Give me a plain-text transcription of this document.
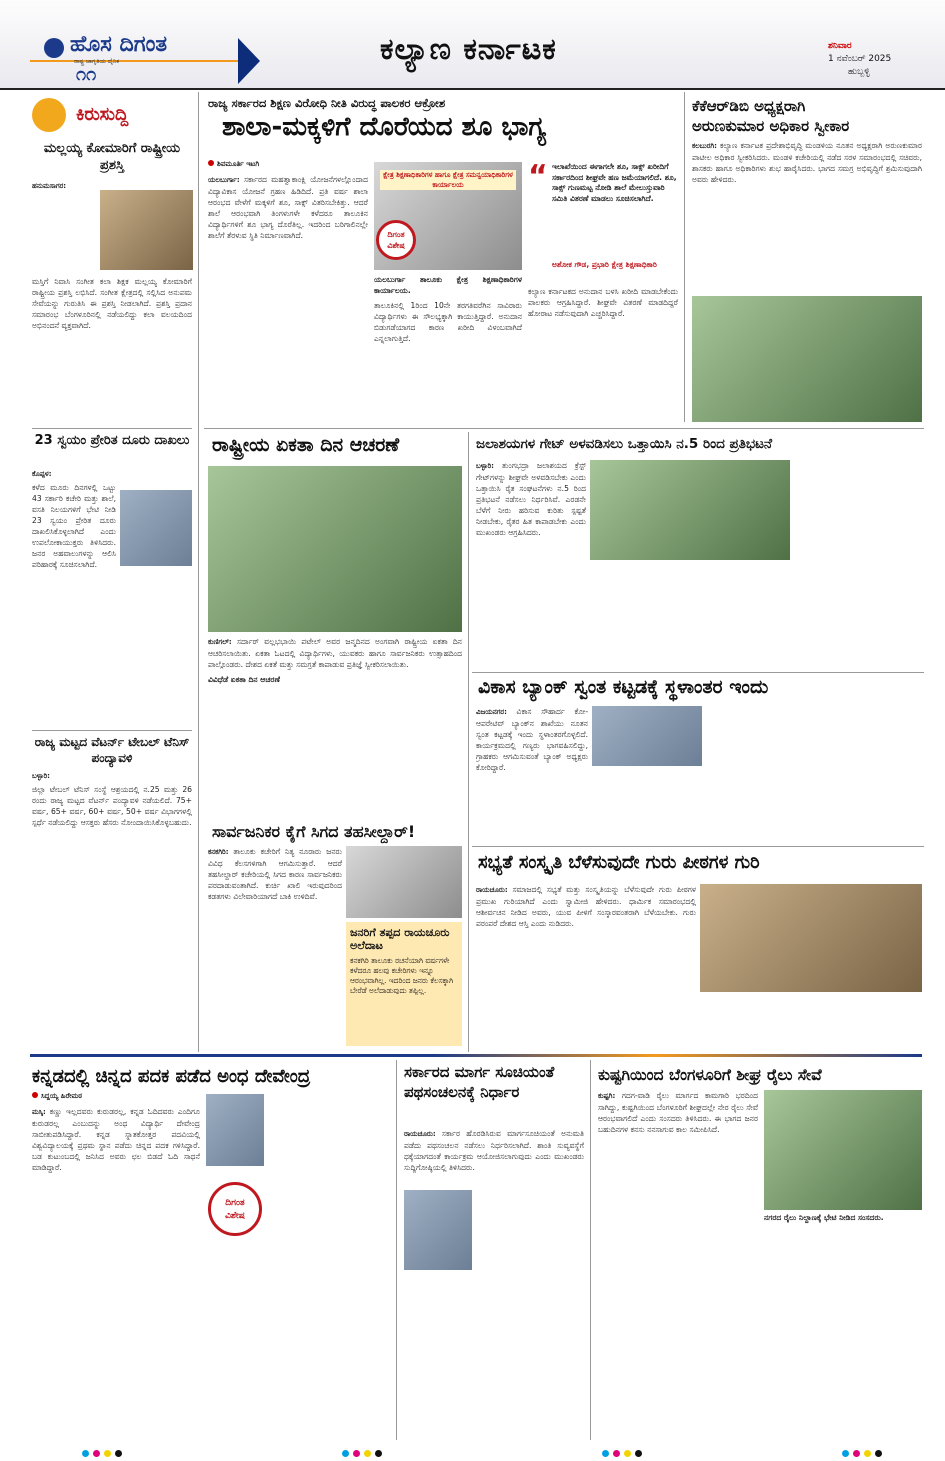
ಹೊಸ ದಿಗಂತ
ರಾಷ್ಟ್ರ ಜಾಗೃತಿಯ ದೈನಿಕ
೧೧
ಕಲ್ಯಾಣ ಕರ್ನಾಟಕ	ಶನಿವಾರ
1 ನವೆಂಬರ್ 2025
ಹುಬ್ಬಳ್ಳಿ
ಕಿರುಸುದ್ದಿ
ಮಲ್ಲಯ್ಯ ಕೋಮಾರಿಗೆ ರಾಷ್ಟ್ರೀಯ ಪ್ರಶಸ್ತಿ
ಹನುಮಸಾಗರ:
ಮಸ್ತಿಗೆ ನಿವಾಸಿ ಸಂಗೀತ ಕಲಾ ಶಿಕ್ಷಕ ಮಲ್ಲಯ್ಯ ಕೋಮಾರಿಗೆ ರಾಷ್ಟ್ರೀಯ ಪ್ರಶಸ್ತಿ ಲಭಿಸಿದೆ. ಸಂಗೀತ ಕ್ಷೇತ್ರದಲ್ಲಿ ಸಲ್ಲಿಸಿದ ಅನುಪಮ ಸೇವೆಯನ್ನು ಗುರುತಿಸಿ ಈ ಪ್ರಶಸ್ತಿ ನೀಡಲಾಗಿದೆ. ಪ್ರಶಸ್ತಿ ಪ್ರದಾನ ಸಮಾರಂಭ ಬೆಂಗಳೂರಿನಲ್ಲಿ ನಡೆಯಲಿದ್ದು ಕಲಾ ವಲಯದಿಂದ ಅಭಿನಂದನೆ ವ್ಯಕ್ತವಾಗಿದೆ.
23 ಸ್ವಯಂ ಪ್ರೇರಿತ ದೂರು ದಾಖಲು
ಕೊಪ್ಪಳ:
ಕಳೆದ ಮೂರು ದಿನಗಳಲ್ಲಿ ಒಟ್ಟು 43 ಸರ್ಕಾರಿ ಕಚೇರಿ ಮತ್ತು ಶಾಲೆ, ವಸತಿ ನಿಲಯಗಳಿಗೆ ಭೇಟಿ ನೀಡಿ 23 ಸ್ವಯಂ ಪ್ರೇರಿತ ದೂರು ದಾಖಲಿಸಿಕೊಳ್ಳಲಾಗಿದೆ ಎಂದು ಉಪಲೋಕಾಯುಕ್ತರು ತಿಳಿಸಿದರು. ಜನರ ಅಹವಾಲುಗಳನ್ನು ಆಲಿಸಿ ಪರಿಹಾರಕ್ಕೆ ಸೂಚಿಸಲಾಗಿದೆ.
ರಾಜ್ಯ ಮಟ್ಟದ ವೆಟರ್ನ್ ಟೇಬಲ್ ಟೆನಿಸ್ ಪಂದ್ಯಾವಳಿ
ಬಳ್ಳಾರಿ:
ಜಿಲ್ಲಾ ಟೇಬಲ್ ಟೆನಿಸ್ ಸಂಸ್ಥೆ ಆಶ್ರಯದಲ್ಲಿ ನ.25 ಮತ್ತು 26 ರಂದು ರಾಜ್ಯ ಮಟ್ಟದ ವೆಟರ್ನ್ ಪಂದ್ಯಾವಳಿ ನಡೆಯಲಿದೆ. 75+ ವರ್ಷ, 65+ ವರ್ಷ, 60+ ವರ್ಷ, 50+ ವರ್ಷ ವಿಭಾಗಗಳಲ್ಲಿ ಸ್ಪರ್ಧೆ ನಡೆಯಲಿದ್ದು ಆಸಕ್ತರು ಹೆಸರು ನೋಂದಾಯಿಸಿಕೊಳ್ಳಬಹುದು.
ರಾಜ್ಯ ಸರ್ಕಾರದ ಶಿಕ್ಷಣ ವಿರೋಧಿ ನೀತಿ ವಿರುದ್ಧ ಪಾಲಕರ ಆಕ್ರೋಶ
ಶಾಲಾ-ಮಕ್ಕಳಿಗೆ ದೊರೆಯದ ಶೂ ಭಾಗ್ಯ
ಶಿವಮೂರ್ತಿ ಇಟಗಿ
ಯಲಬುರ್ಗಾ: ಸರ್ಕಾರದ ಮಹತ್ವಾಕಾಂಕ್ಷಿ ಯೋಜನೆಗಳಲ್ಲೊಂದಾದ ವಿದ್ಯಾವಿಕಾಸ ಯೋಜನೆ ಗ್ರಹಣ ಹಿಡಿದಿದೆ. ಪ್ರತಿ ವರ್ಷ ಶಾಲಾ ಆರಂಭದ ವೇಳೆಗೆ ಮಕ್ಕಳಿಗೆ ಶೂ, ಸಾಕ್ಸ್ ವಿತರಿಸಬೇಕಿತ್ತು. ಆದರೆ ಶಾಲೆ ಆರಂಭವಾಗಿ ತಿಂಗಳುಗಳೇ ಕಳೆದರೂ ತಾಲೂಕಿನ ವಿದ್ಯಾರ್ಥಿಗಳಿಗೆ ಶೂ ಭಾಗ್ಯ ದೊರೆತಿಲ್ಲ. ಇದರಿಂದ ಬರಿಗಾಲಿನಲ್ಲೇ ಶಾಲೆಗೆ ತೆರಳುವ ಸ್ಥಿತಿ ನಿರ್ಮಾಣವಾಗಿದೆ.
ಕ್ಷೇತ್ರ ಶಿಕ್ಷಣಾಧಿಕಾರಿಗಳ ಹಾಗೂ ಕ್ಷೇತ್ರ ಸಮನ್ವಯಾಧಿಕಾರಿಗಳ ಕಾರ್ಯಾಲಯ
ದಿಗಂತ
ವಿಶೇಷ
ಯಲಬುರ್ಗಾ ತಾಲೂಕು ಕ್ಷೇತ್ರ ಶಿಕ್ಷಣಾಧಿಕಾರಿಗಳ ಕಾರ್ಯಾಲಯ.
ತಾಲೂಕಿನಲ್ಲಿ 1ರಿಂದ 10ನೇ ತರಗತಿವರೆಗಿನ ಸಾವಿರಾರು ವಿದ್ಯಾರ್ಥಿಗಳು ಈ ಸೌಲಭ್ಯಕ್ಕಾಗಿ ಕಾಯುತ್ತಿದ್ದಾರೆ. ಅನುದಾನ ಬಿಡುಗಡೆಯಾಗದ ಕಾರಣ ಖರೀದಿ ವಿಳಂಬವಾಗಿದೆ ಎನ್ನಲಾಗುತ್ತಿದೆ.
“ ಇಲಾಖೆಯಿಂದ ಈಗಾಗಲೇ ಶೂ, ಸಾಕ್ಸ್ ಖರೀದಿಗೆ ಸರ್ಕಾರದಿಂದ ಶೀಘ್ರವೇ ಹಣ ಜಮೆಯಾಗಲಿದೆ. ಶೂ, ಸಾಕ್ಸ್ ಗುಣಮಟ್ಟ ನೋಡಿ ಶಾಲೆ ಮೇಲುಸ್ತುವಾರಿ ಸಮಿತಿ ವಿತರಣೆ ಮಾಡಲು ಸೂಚಿಸಲಾಗಿದೆ.
ಅಶೋಕ ಗೌಡ, ಪ್ರಭಾರಿ ಕ್ಷೇತ್ರ ಶಿಕ್ಷಣಾಧಿಕಾರಿ
ಕಲ್ಯಾಣ ಕರ್ನಾಟಕದ ಅನುದಾನ ಬಳಸಿ ಖರೀದಿ ಮಾಡಬೇಕೆಂದು ಪಾಲಕರು ಆಗ್ರಹಿಸಿದ್ದಾರೆ. ಶೀಘ್ರವೇ ವಿತರಣೆ ಮಾಡದಿದ್ದರೆ ಹೋರಾಟ ನಡೆಸುವುದಾಗಿ ಎಚ್ಚರಿಸಿದ್ದಾರೆ.
ಕೆಕೆಆರ್‌ಡಿಬಿ ಅಧ್ಯಕ್ಷರಾಗಿ
ಅರುಣಕುಮಾರ ಅಧಿಕಾರ ಸ್ವೀಕಾರ
ಕಲಬುರಗಿ: ಕಲ್ಯಾಣ ಕರ್ನಾಟಕ ಪ್ರದೇಶಾಭಿವೃದ್ಧಿ ಮಂಡಳಿಯ ನೂತನ ಅಧ್ಯಕ್ಷರಾಗಿ ಅರುಣಕುಮಾರ ಪಾಟೀಲ ಅಧಿಕಾರ ಸ್ವೀಕರಿಸಿದರು. ಮಂಡಳಿ ಕಚೇರಿಯಲ್ಲಿ ನಡೆದ ಸರಳ ಸಮಾರಂಭದಲ್ಲಿ ಸಚಿವರು, ಶಾಸಕರು ಹಾಗೂ ಅಧಿಕಾರಿಗಳು ಶುಭ ಹಾರೈಸಿದರು. ಭಾಗದ ಸಮಗ್ರ ಅಭಿವೃದ್ಧಿಗೆ ಶ್ರಮಿಸುವುದಾಗಿ ಅವರು ಹೇಳಿದರು.
ರಾಷ್ಟ್ರೀಯ ಏಕತಾ ದಿನ ಆಚರಣೆ
ಕುಣಿಗಲ್: ಸರ್ದಾರ್ ವಲ್ಲಭಭಾಯಿ ಪಟೇಲ್ ಅವರ ಜನ್ಮದಿನದ ಅಂಗವಾಗಿ ರಾಷ್ಟ್ರೀಯ ಏಕತಾ ದಿನ ಆಚರಿಸಲಾಯಿತು. ಏಕತಾ ಓಟದಲ್ಲಿ ವಿದ್ಯಾರ್ಥಿಗಳು, ಯುವಕರು ಹಾಗೂ ಸಾರ್ವಜನಿಕರು ಉತ್ಸಾಹದಿಂದ ಪಾಲ್ಗೊಂಡರು. ದೇಶದ ಏಕತೆ ಮತ್ತು ಸಮಗ್ರತೆ ಕಾಪಾಡುವ ಪ್ರತಿಜ್ಞೆ ಸ್ವೀಕರಿಸಲಾಯಿತು.
ವಿವಿಧೆಡೆ ಏಕತಾ ದಿನ ಆಚರಣೆ
ಜಲಾಶಯಗಳ ಗೇಟ್ ಅಳವಡಿಸಲು ಒತ್ತಾಯಿಸಿ ನ.5 ರಿಂದ ಪ್ರತಿಭಟನೆ
ಬಳ್ಳಾರಿ: ತುಂಗಭದ್ರಾ ಜಲಾಶಯದ ಕ್ರೆಸ್ಟ್ ಗೇಟ್‌ಗಳನ್ನು ಶೀಘ್ರವೇ ಅಳವಡಿಸಬೇಕು ಎಂದು ಒತ್ತಾಯಿಸಿ ರೈತ ಸಂಘಟನೆಗಳು ನ.5 ರಿಂದ ಪ್ರತಿಭಟನೆ ನಡೆಸಲು ನಿರ್ಧರಿಸಿವೆ. ಎರಡನೇ ಬೆಳೆಗೆ ನೀರು ಹರಿಸುವ ಕುರಿತು ಸ್ಪಷ್ಟತೆ ನೀಡಬೇಕು, ರೈತರ ಹಿತ ಕಾಪಾಡಬೇಕು ಎಂದು ಮುಖಂಡರು ಆಗ್ರಹಿಸಿದರು.
ವಿಕಾಸ ಬ್ಯಾಂಕ್ ಸ್ವಂತ ಕಟ್ಟಡಕ್ಕೆ ಸ್ಥಳಾಂತರ ಇಂದು
ವಿಜಯನಗರ: ವಿಕಾಸ ಸೌಹಾರ್ದ ಕೋ-ಆಪರೇಟಿವ್ ಬ್ಯಾಂಕ್‌ನ ಶಾಖೆಯು ನೂತನ ಸ್ವಂತ ಕಟ್ಟಡಕ್ಕೆ ಇಂದು ಸ್ಥಳಾಂತರಗೊಳ್ಳಲಿದೆ. ಕಾರ್ಯಕ್ರಮದಲ್ಲಿ ಗಣ್ಯರು ಭಾಗವಹಿಸಲಿದ್ದು, ಗ್ರಾಹಕರು ಆಗಮಿಸುವಂತೆ ಬ್ಯಾಂಕ್ ಅಧ್ಯಕ್ಷರು ಕೋರಿದ್ದಾರೆ.
ಸಾರ್ವಜನಿಕರ ಕೈಗೆ ಸಿಗದ ತಹಸೀಲ್ದಾರ್!
ಕನಕಗಿರಿ: ತಾಲೂಕು ಕಚೇರಿಗೆ ನಿತ್ಯ ನೂರಾರು ಜನರು ವಿವಿಧ ಕೆಲಸಗಳಿಗಾಗಿ ಆಗಮಿಸುತ್ತಾರೆ. ಆದರೆ ತಹಸೀಲ್ದಾರ್ ಕಚೇರಿಯಲ್ಲಿ ಸಿಗದ ಕಾರಣ ಸಾರ್ವಜನಿಕರು ಪರದಾಡುವಂತಾಗಿದೆ. ಕುರ್ಚಿ ಖಾಲಿ ಇರುವುದರಿಂದ ಕಡತಗಳು ವಿಲೇವಾರಿಯಾಗದೆ ಬಾಕಿ ಉಳಿದಿವೆ.
ಜನರಿಗೆ ತಪ್ಪದ ರಾಯಚೂರು ಅಲೆದಾಟ
ಕನಕಗಿರಿ ತಾಲೂಕು ರಚನೆಯಾಗಿ ವರ್ಷಗಳೇ ಕಳೆದರೂ ಹಲವು ಕಚೇರಿಗಳು ಇನ್ನೂ ಆರಂಭವಾಗಿಲ್ಲ. ಇದರಿಂದ ಜನರು ಕೆಲಸಕ್ಕಾಗಿ ಬೇರೆಡೆ ಅಲೆದಾಡುವುದು ತಪ್ಪಿಲ್ಲ.
ಸಭ್ಯತೆ ಸಂಸ್ಕೃತಿ ಬೆಳೆಸುವುದೇ ಗುರು ಪೀಠಗಳ ಗುರಿ
ರಾಯಚೂರು: ಸಮಾಜದಲ್ಲಿ ಸಭ್ಯತೆ ಮತ್ತು ಸಂಸ್ಕೃತಿಯನ್ನು ಬೆಳೆಸುವುದೇ ಗುರು ಪೀಠಗಳ ಪ್ರಮುಖ ಗುರಿಯಾಗಿದೆ ಎಂದು ಸ್ವಾಮೀಜಿ ಹೇಳಿದರು. ಧಾರ್ಮಿಕ ಸಮಾರಂಭದಲ್ಲಿ ಆಶೀರ್ವಚನ ನೀಡಿದ ಅವರು, ಯುವ ಪೀಳಿಗೆ ಸಂಸ್ಕಾರವಂತರಾಗಿ ಬೆಳೆಯಬೇಕು. ಗುರು ಪರಂಪರೆ ದೇಶದ ಆಸ್ತಿ ಎಂದು ನುಡಿದರು.
ಕನ್ನಡದಲ್ಲಿ ಚಿನ್ನದ ಪದಕ ಪಡೆದ ಅಂಧ ದೇವೇಂದ್ರ
ಸಿದ್ದಯ್ಯ ಹಿರೇಮಠ
ಮಸ್ಕಿ: ಕಣ್ಣು ಇಲ್ಲದವರು ಕುರುಡರಲ್ಲ, ಕನ್ನಡ ಓದಿದವರು ಎಂದಿಗೂ ಕುರುಡರಲ್ಲ ಎಂಬುದನ್ನು ಅಂಧ ವಿದ್ಯಾರ್ಥಿ ದೇವೇಂದ್ರ ಸಾಬೀತುಪಡಿಸಿದ್ದಾರೆ. ಕನ್ನಡ ಸ್ನಾತಕೋತ್ತರ ಪದವಿಯಲ್ಲಿ ವಿಶ್ವವಿದ್ಯಾಲಯಕ್ಕೆ ಪ್ರಥಮ ಸ್ಥಾನ ಪಡೆದು ಚಿನ್ನದ ಪದಕ ಗಳಿಸಿದ್ದಾರೆ. ಬಡ ಕುಟುಂಬದಲ್ಲಿ ಜನಿಸಿದ ಅವರು ಛಲ ಬಿಡದೆ ಓದಿ ಸಾಧನೆ ಮಾಡಿದ್ದಾರೆ.
ದಿಗಂತ
ವಿಶೇಷ
ಸರ್ಕಾರದ ಮಾರ್ಗ ಸೂಚಿಯಂತೆ ಪಥಸಂಚಲನಕ್ಕೆ ನಿರ್ಧಾರ
ರಾಯಚೂರು: ಸರ್ಕಾರ ಹೊರಡಿಸಿರುವ ಮಾರ್ಗಸೂಚಿಯಂತೆ ಅನುಮತಿ ಪಡೆದು ಪಥಸಂಚಲನ ನಡೆಸಲು ನಿರ್ಧರಿಸಲಾಗಿದೆ. ಶಾಂತಿ ಸುವ್ಯವಸ್ಥೆಗೆ ಧಕ್ಕೆಯಾಗದಂತೆ ಕಾರ್ಯಕ್ರಮ ಆಯೋಜಿಸಲಾಗುವುದು ಎಂದು ಮುಖಂಡರು ಸುದ್ದಿಗೋಷ್ಠಿಯಲ್ಲಿ ತಿಳಿಸಿದರು.
ಕುಷ್ಟಗಿಯಿಂದ ಬೆಂಗಳೂರಿಗೆ ಶೀಘ್ರ ರೈಲು ಸೇವೆ
ಕುಷ್ಟಗಿ: ಗದಗ-ವಾಡಿ ರೈಲು ಮಾರ್ಗದ ಕಾಮಗಾರಿ ಭರದಿಂದ ಸಾಗಿದ್ದು, ಕುಷ್ಟಗಿಯಿಂದ ಬೆಂಗಳೂರಿಗೆ ಶೀಘ್ರದಲ್ಲೇ ನೇರ ರೈಲು ಸೇವೆ ಆರಂಭವಾಗಲಿದೆ ಎಂದು ಸಂಸದರು ತಿಳಿಸಿದರು. ಈ ಭಾಗದ ಜನರ ಬಹುದಿನಗಳ ಕನಸು ನನಸಾಗುವ ಕಾಲ ಸಮೀಪಿಸಿದೆ.
ನಗರದ ರೈಲು ನಿಲ್ದಾಣಕ್ಕೆ ಭೇಟಿ ನೀಡಿದ ಸಂಸದರು.
